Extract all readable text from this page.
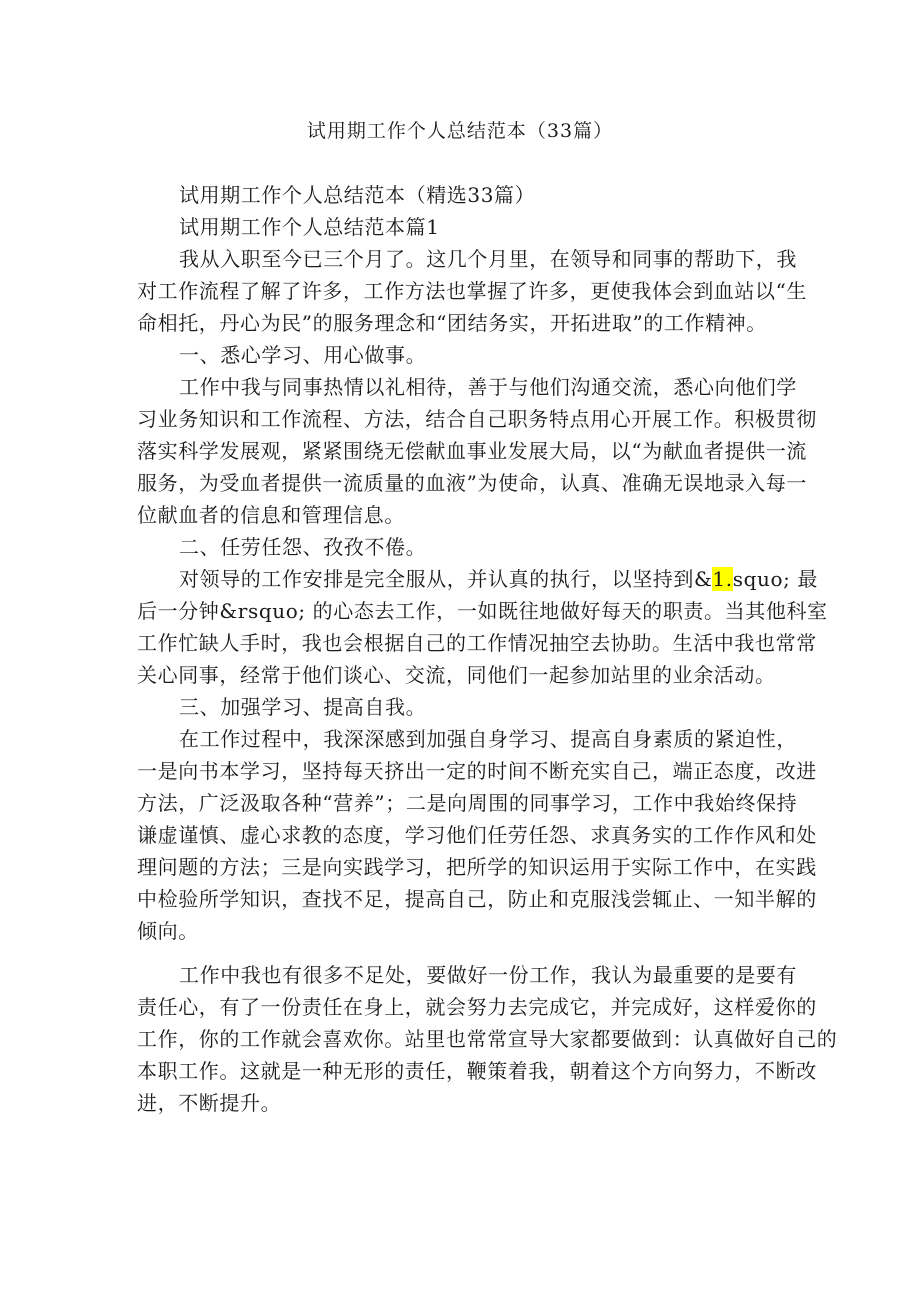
试用期工作个人总结范本（33篇）

试用期工作个人总结范本（精选33篇）

试用期工作个人总结范本篇1

我从入职至今已三个月了。这几个月里，在领导和同事的帮助下，我

对工作流程了解了许多，工作方法也掌握了许多，更使我体会到血站以“生

命相托，丹心为民”的服务理念和“团结务实，开拓进取”的工作精神。

一、悉心学习、用心做事。

工作中我与同事热情以礼相待，善于与他们沟通交流，悉心向他们学

习业务知识和工作流程、方法，结合自己职务特点用心开展工作。积极贯彻

落实科学发展观，紧紧围绕无偿献血事业发展大局，以“为献血者提供一流

服务，为受血者提供一流质量的血液”为使命，认真、准确无误地录入每一

位献血者的信息和管理信息。

二、任劳任怨、孜孜不倦。

对领导的工作安排是完全服从，并认真的执行，以坚持到&1.squo; 最

后一分钟&rsquo; 的心态去工作，一如既往地做好每天的职责。当其他科室

工作忙缺人手时，我也会根据自己的工作情况抽空去协助。生活中我也常常

关心同事，经常于他们谈心、交流，同他们一起参加站里的业余活动。

三、加强学习、提高自我。

在工作过程中，我深深感到加强自身学习、提高自身素质的紧迫性，

一是向书本学习，坚持每天挤出一定的时间不断充实自己，端正态度，改进

方法，广泛汲取各种“营养”；二是向周围的同事学习，工作中我始终保持

谦虚谨慎、虚心求教的态度，学习他们任劳任怨、求真务实的工作作风和处

理问题的方法；三是向实践学习，把所学的知识运用于实际工作中，在实践

中检验所学知识，查找不足，提高自己，防止和克服浅尝辄止、一知半解的

倾向。

工作中我也有很多不足处，要做好一份工作，我认为最重要的是要有

责任心，有了一份责任在身上，就会努力去完成它，并完成好，这样爱你的

工作，你的工作就会喜欢你。站里也常常宣导大家都要做到：认真做好自己的

本职工作。这就是一种无形的责任，鞭策着我，朝着这个方向努力，不断改

进，不断提升。
